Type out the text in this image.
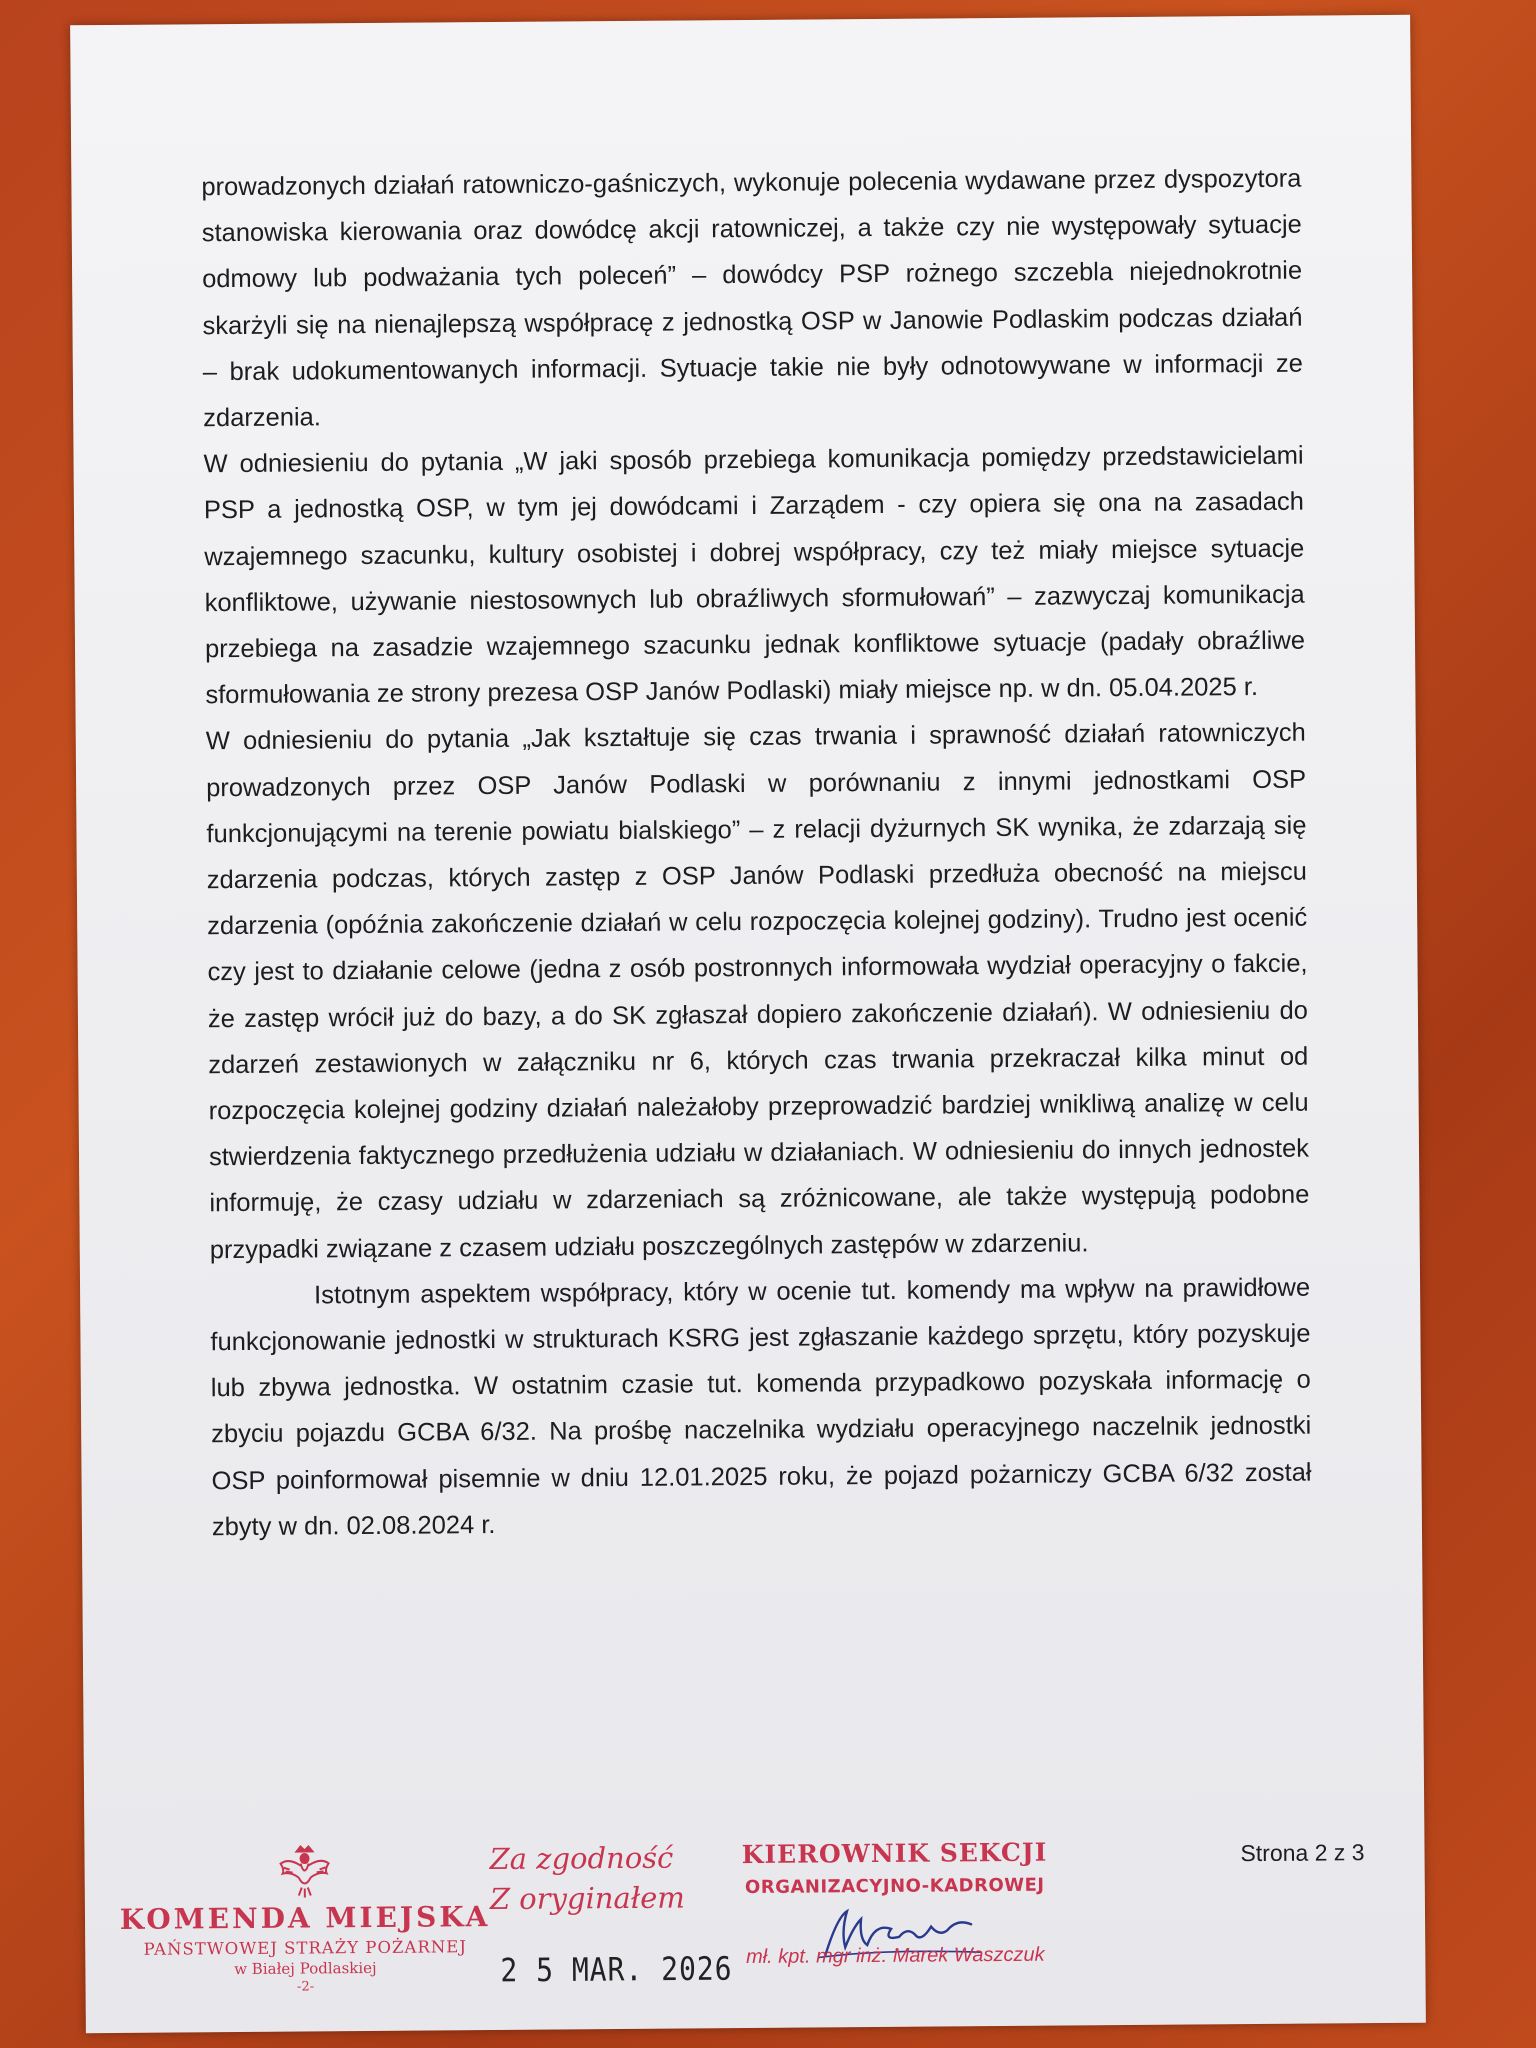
prowadzonych działań ratowniczo-gaśniczych, wykonuje polecenia wydawane przez dyspozytora stanowiska kierowania oraz dowódcę akcji ratowniczej, a także czy nie występowały sytuacje odmowy lub podważania tych poleceń” – dowódcy PSP rożnego szczebla niejednokrotnie skarżyli się na nienajlepszą współpracę z jednostką OSP w Janowie Podlaskim podczas działań – brak udokumentowanych informacji. Sytuacje takie nie były odnotowywane w informacji ze zdarzenia.

W odniesieniu do pytania „W jaki sposób przebiega komunikacja pomiędzy przedstawicielami PSP a jednostką OSP, w tym jej dowódcami i Zarządem - czy opiera się ona na zasadach wzajemnego szacunku, kultury osobistej i dobrej współpracy, czy też miały miejsce sytuacje konfliktowe, używanie niestosownych lub obraźliwych sformułowań” – zazwyczaj komunikacja przebiega na zasadzie wzajemnego szacunku jednak konfliktowe sytuacje (padały obraźliwe sformułowania ze strony prezesa OSP Janów Podlaski) miały miejsce np. w dn. 05.04.2025 r.

W odniesieniu do pytania „Jak kształtuje się czas trwania i sprawność działań ratowniczych prowadzonych przez OSP Janów Podlaski w porównaniu z innymi jednostkami OSP funkcjonującymi na terenie powiatu bialskiego” – z relacji dyżurnych SK wynika, że zdarzają się zdarzenia podczas, których zastęp z OSP Janów Podlaski przedłuża obecność na miejscu zdarzenia (opóźnia zakończenie działań w celu rozpoczęcia kolejnej godziny). Trudno jest ocenić czy jest to działanie celowe (jedna z osób postronnych informowała wydział operacyjny o fakcie, że zastęp wrócił już do bazy, a do SK zgłaszał dopiero zakończenie działań). W odniesieniu do zdarzeń zestawionych w załączniku nr 6, których czas trwania przekraczał kilka minut od rozpoczęcia kolejnej godziny działań należałoby przeprowadzić bardziej wnikliwą analizę w celu stwierdzenia faktycznego przedłużenia udziału w działaniach. W odniesieniu do innych jednostek informuję, że czasy udziału w zdarzeniach są zróżnicowane, ale także występują podobne przypadki związane z czasem udziału poszczególnych zastępów w zdarzeniu.

Istotnym aspektem współpracy, który w ocenie tut. komendy ma wpływ na prawidłowe funkcjonowanie jednostki w strukturach KSRG jest zgłaszanie każdego sprzętu, który pozyskuje lub zbywa jednostka. W ostatnim czasie tut. komenda przypadkowo pozyskała informację o zbyciu pojazdu GCBA 6/32. Na prośbę naczelnika wydziału operacyjnego naczelnik jednostki OSP poinformował pisemnie w dniu 12.01.2025 roku, że pojazd pożarniczy GCBA 6/32 został zbyty w dn. 02.08.2024 r.

Strona 2 z 3
KOMENDA MIEJSKA
PAŃSTWOWEJ STRAŻY POŻARNEJ
w Białej Podlaskiej
-2-
Za zgodność
Z oryginałem
2 5 MAR. 2026
KIEROWNIK SEKCJI
ORGANIZACYJNO-KADROWEJ
mł. kpt. mgr inż. Marek Waszczuk
